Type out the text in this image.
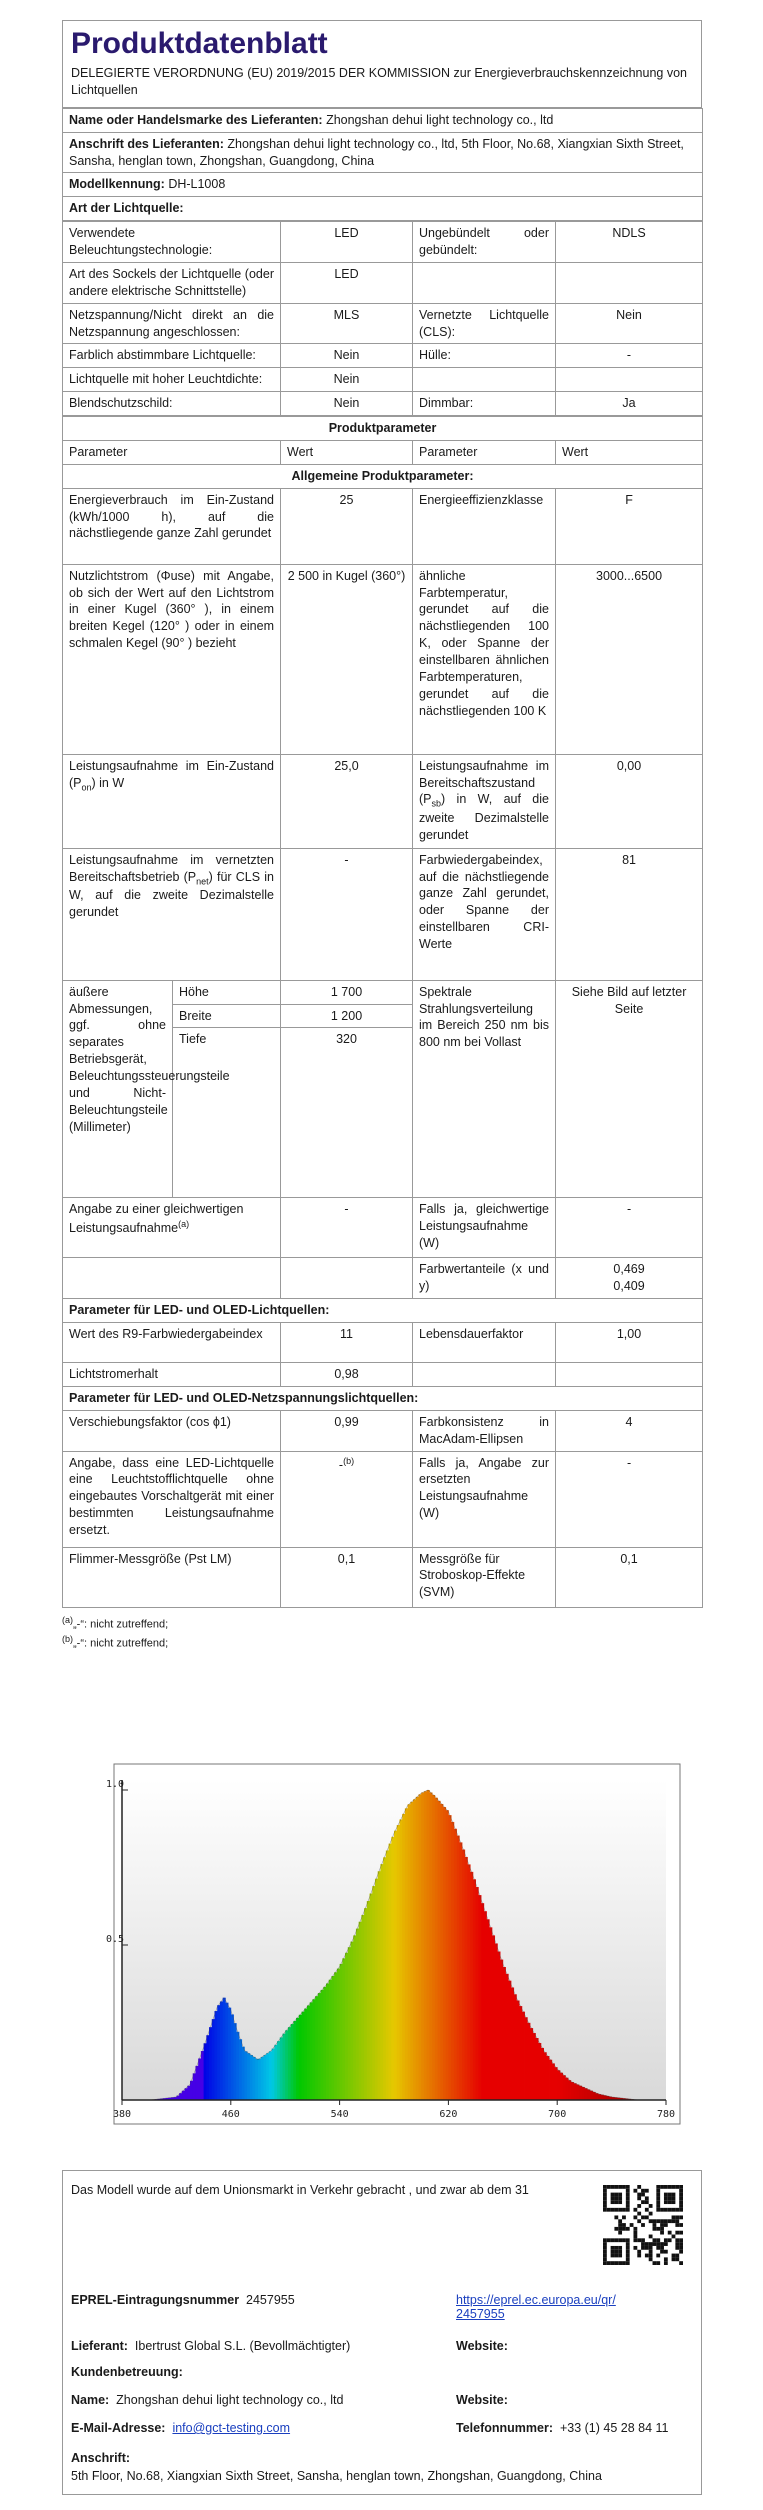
Produktdatenblatt
DELEGIERTE VERORDNUNG (EU) 2019/2015 DER KOMMISSION zur Energieverbrauchskennzeichnung von Lichtquellen
Name oder Handelsmarke des Lieferanten: Zhongshan dehui light technology co., ltd
Anschrift des Lieferanten: Zhongshan dehui light technology co., ltd, 5th Floor, No.68, Xiangxian Sixth Street, Sansha, henglan town, Zhongshan, Guangdong, China
Modellkennung: DH-L1008
Art der Lichtquelle:
Verwendete Beleuchtungstechnologie:	LED	Ungebündelt oder gebündelt:	NDLS
Art des Sockels der Lichtquelle (oder andere elektrische Schnittstelle)	LED		
Netzspannung/Nicht direkt an die Netzspannung angeschlossen:	MLS	Vernetzte Lichtquelle (CLS):	Nein
Farblich abstimmbare Lichtquelle:	Nein	Hülle:	-
Lichtquelle mit hoher Leuchtdichte:	Nein		
Blendschutzschild:	Nein	Dimmbar:	Ja
Produktparameter				
Parameter		Wert	Parameter	Wert
Allgemeine Produktparameter:				
Energieverbrauch im Ein-Zustand (kWh/1000 h), auf die nächstliegende ganze Zahl gerundet		25	Energieeffizienzklasse	F
Nutzlichtstrom (Φuse) mit Angabe, ob sich der Wert auf den Lichtstrom in einer Kugel (360° ), in einem breiten Kegel (120° ) oder in einem schmalen Kegel (90° ) bezieht		2 500 in Kugel (360°)	ähnliche Farbtemperatur, gerundet auf die nächstliegenden 100 K, oder Spanne der einstellbaren ähnlichen Farbtemperaturen, gerundet auf die nächstliegenden 100 K	3000...6500
Leistungsaufnahme im Ein-Zustand $(P_{on})$ in W		25,0	Leistungsaufnahme im Bereitschaftszustand $(P_{sb})$ in W, auf die zweite Dezimalstelle gerundet	0,00
Leistungsaufnahme im vernetzten Bereitschaftsbetrieb $(P_{net})$ für CLS in W, auf die zweite Dezimalstelle gerundet		-	Farbwiedergabeindex, auf die nächstliegende ganze Zahl gerundet, oder Spanne der einstellbaren CRI-Werte	81
äußere Abmessungen, ggf. ohne separates Betriebsgerät, Beleuchtungssteuerungsteile und Nicht-Beleuchtungsteile (Millimeter)	Höhe	1 700	Spektrale Strahlungsverteilung im Bereich 250 nm bis 800 nm bei Vollast	Siehe Bild auf letzter Seite
	Breite	1 200		
	Tiefe	320		
Angabe zu einer gleichwertigen Leistungsaufnahme$^{(a)}$		-	Falls ja, gleichwertige Leistungsaufnahme (W)	-
			Farbwertanteile (x und y)	0,469
0,409

Parameter für LED- und OLED-Lichtquellen:				
Wert des R9-Farbwiedergabeindex		11	Lebensdauerfaktor	1,00
Lichtstromerhalt		0,98		
Parameter für LED- und OLED-Netzspannungslichtquellen:				
Verschiebungsfaktor (cos ϕ1)		0,99	Farbkonsistenz in MacAdam-Ellipsen	4
Angabe, dass eine LED-Lichtquelle eine Leuchtstofflichtquelle ohne eingebautes Vorschaltgerät mit einer bestimmten Leistungsaufnahme ersetzt.		-$^{(b)}$	Falls ja, Angabe zur ersetzten Leistungsaufnahme (W)	-
Flimmer-Messgröße (Pst LM)		0,1	Messgröße für Stroboskop-Effekte (SVM)	0,1
$^{(a)}$„-“: nicht zutreffend;
$^{(b)}$„-“: nicht zutreffend;
380	460	540	620	700	780
0.5
1.0
Das Modell wurde auf dem Unionsmarkt in Verkehr gebracht , und zwar ab dem 31
EPREL-Eintragungsnummer 2457955	https://eprel.ec.europa.eu/qr/2457955
Lieferant: Ibertrust Global S.L. (Bevollmächtigter)	Website:
Kundenbetreuung:
Name: Zhongshan dehui light technology co., ltd	Website:
E-Mail-Adresse: info@gct-testing.com	Telefonnummer: +33 (1) 45 28 84 11
Anschrift:
5th Floor, No.68, Xiangxian Sixth Street, Sansha, henglan town, Zhongshan, Guangdong, China
